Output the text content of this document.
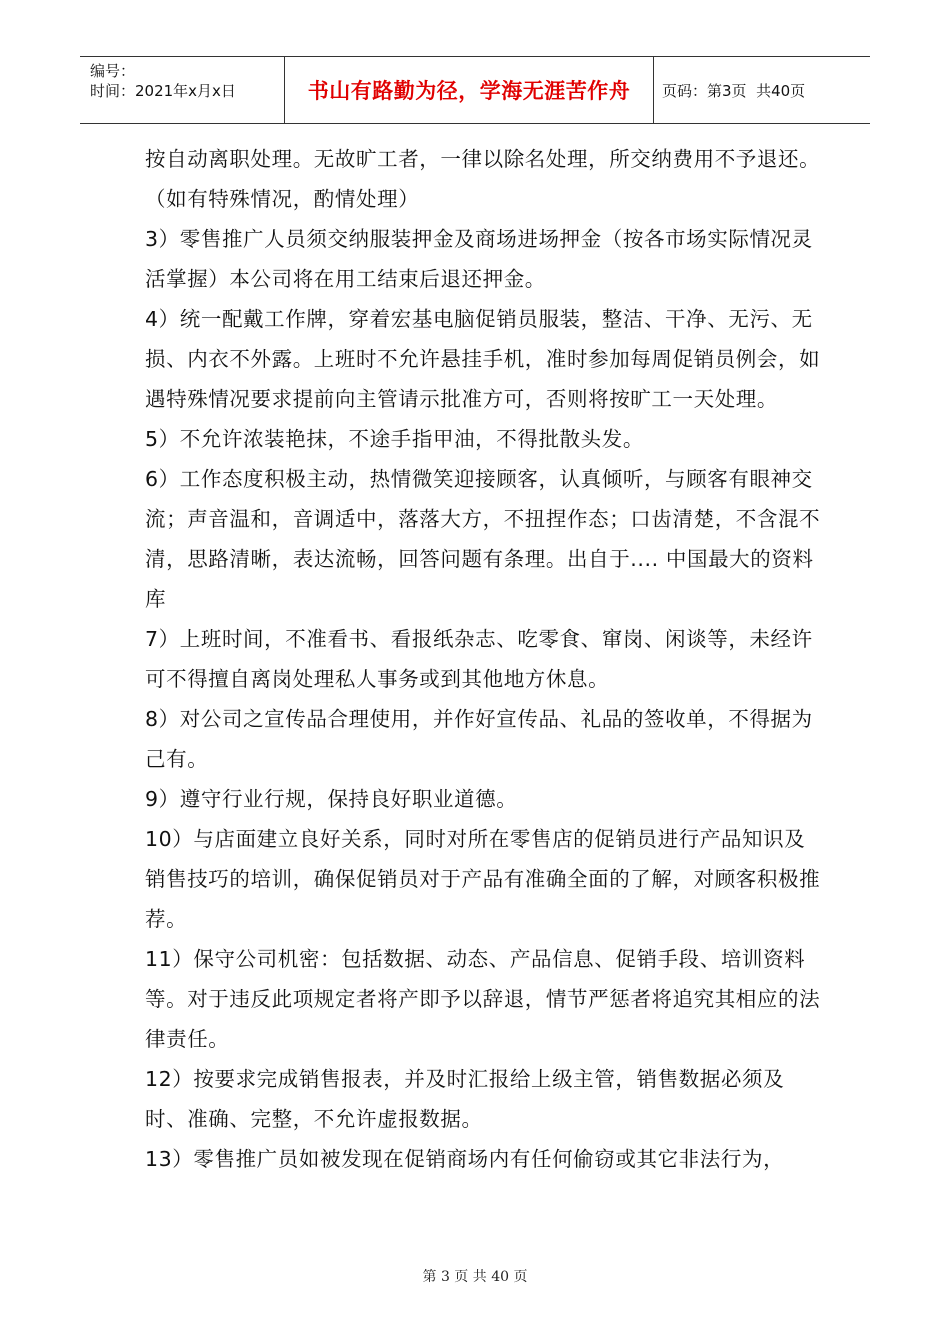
编号：
时间：2021年x月x日	书山有路勤为径，学海无涯苦作舟	页码：第3页  共40页

按自动离职处理。无故旷工者，一律以除名处理，所交纳费用不予退还。（如有特殊情况，酌情处理）

3）零售推广人员须交纳服装押金及商场进场押金（按各市场实际情况灵活掌握）本公司将在用工结束后退还押金。

4）统一配戴工作牌，穿着宏基电脑促销员服装，整洁、干净、无污、无损、内衣不外露。上班时不允许悬挂手机，准时参加每周促销员例会，如遇特殊情况要求提前向主管请示批准方可，否则将按旷工一天处理。

5）不允许浓装艳抹，不途手指甲油，不得批散头发。

6）工作态度积极主动，热情微笑迎接顾客，认真倾听，与顾客有眼神交流；声音温和，音调适中，落落大方，不扭捏作态；口齿清楚，不含混不清，思路清晰，表达流畅，回答问题有条理。出自于.... 中国最大的资料库

7）上班时间，不准看书、看报纸杂志、吃零食、窜岗、闲谈等，未经许可不得擅自离岗处理私人事务或到其他地方休息。

8）对公司之宣传品合理使用，并作好宣传品、礼品的签收单，不得据为己有。

9）遵守行业行规，保持良好职业道德。

10）与店面建立良好关系，同时对所在零售店的促销员进行产品知识及销售技巧的培训，确保促销员对于产品有准确全面的了解，对顾客积极推荐。

11）保守公司机密：包括数据、动态、产品信息、促销手段、培训资料等。对于违反此项规定者将产即予以辞退，情节严惩者将追究其相应的法律责任。

12）按要求完成销售报表，并及时汇报给上级主管，销售数据必须及时、准确、完整，不允许虚报数据。

13）零售推广员如被发现在促销商场内有任何偷窃或其它非法行为，

第 3 页 共 40 页
